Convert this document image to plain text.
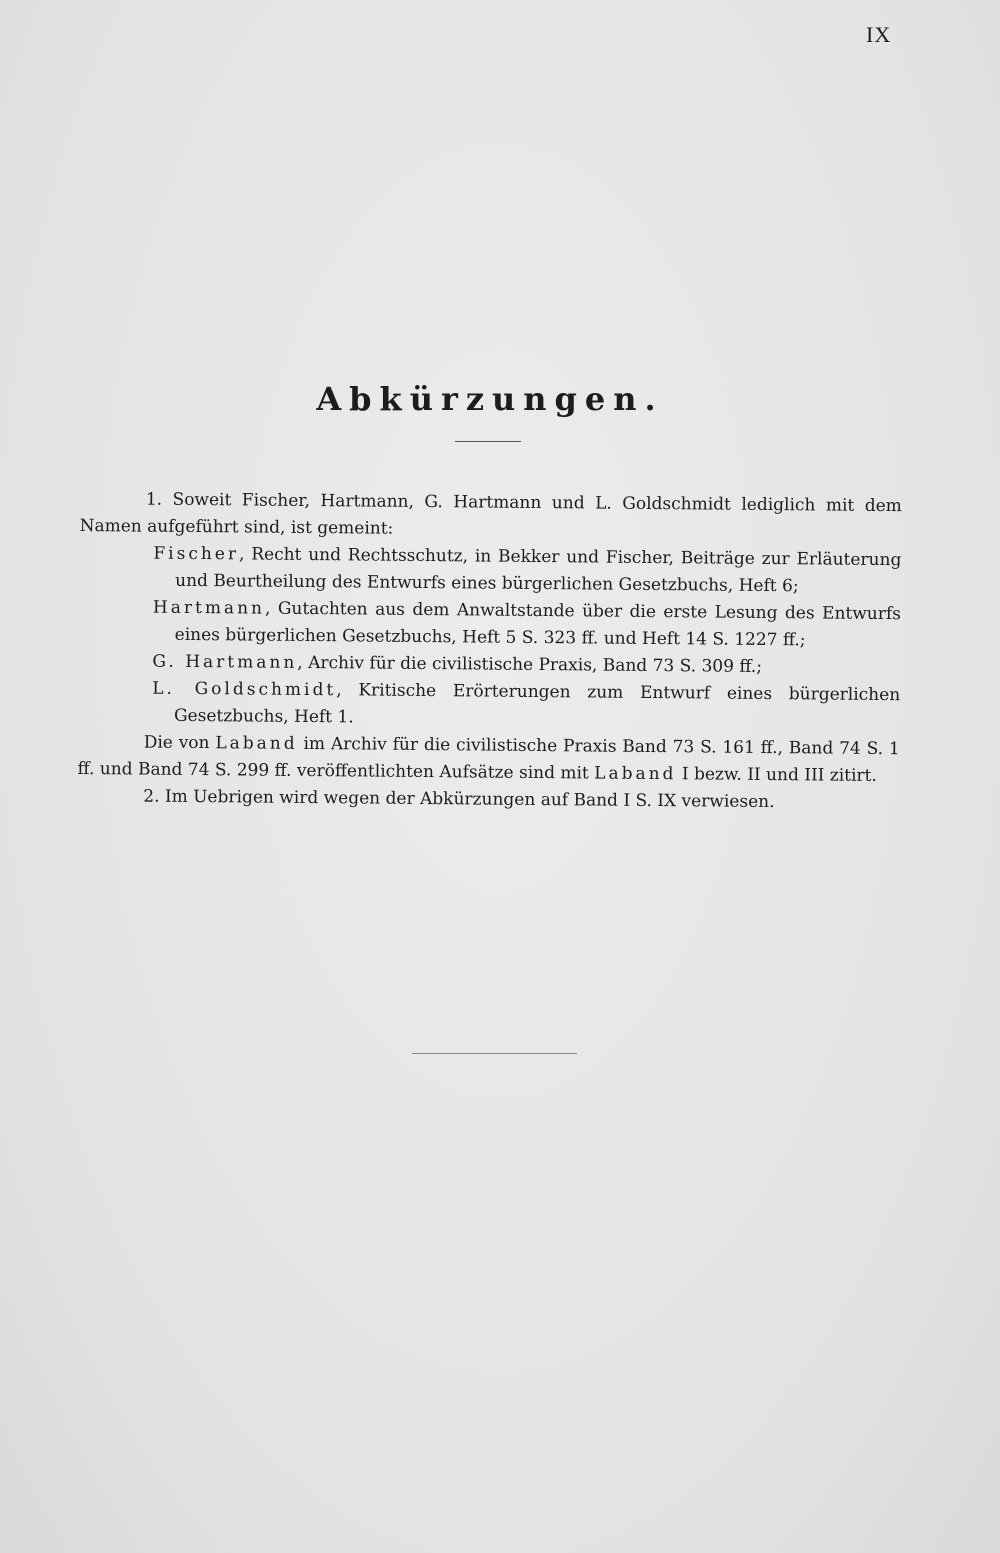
IX
Abkürzungen.

1. Soweit Fischer, Hartmann, G. Hartmann und L. Goldschmidt lediglich mit dem Namen aufgeführt sind, ist gemeint:

Fischer, Recht und Rechtsschutz, in Bekker und Fischer, Beiträge zur Erläuterung und Beurtheilung des Entwurfs eines bürgerlichen Gesetzbuchs, Heft 6;

Hartmann, Gutachten aus dem Anwaltstande über die erste Lesung des Entwurfs eines bürgerlichen Gesetzbuchs, Heft 5 S. 323 ff. und Heft 14 S. 1227 ff.;

G. Hartmann, Archiv für die civilistische Praxis, Band 73 S. 309 ff.;

L. Goldschmidt, Kritische Erörterungen zum Entwurf eines bürgerlichen Gesetzbuchs, Heft 1.

Die von Laband im Archiv für die civilistische Praxis Band 73 S. 161 ff., Band 74 S. 1 ff. und Band 74 S. 299 ff. veröffentlichten Aufsätze sind mit Laband I bezw. II und III zitirt.

2. Im Uebrigen wird wegen der Abkürzungen auf Band I S. IX verwiesen.
